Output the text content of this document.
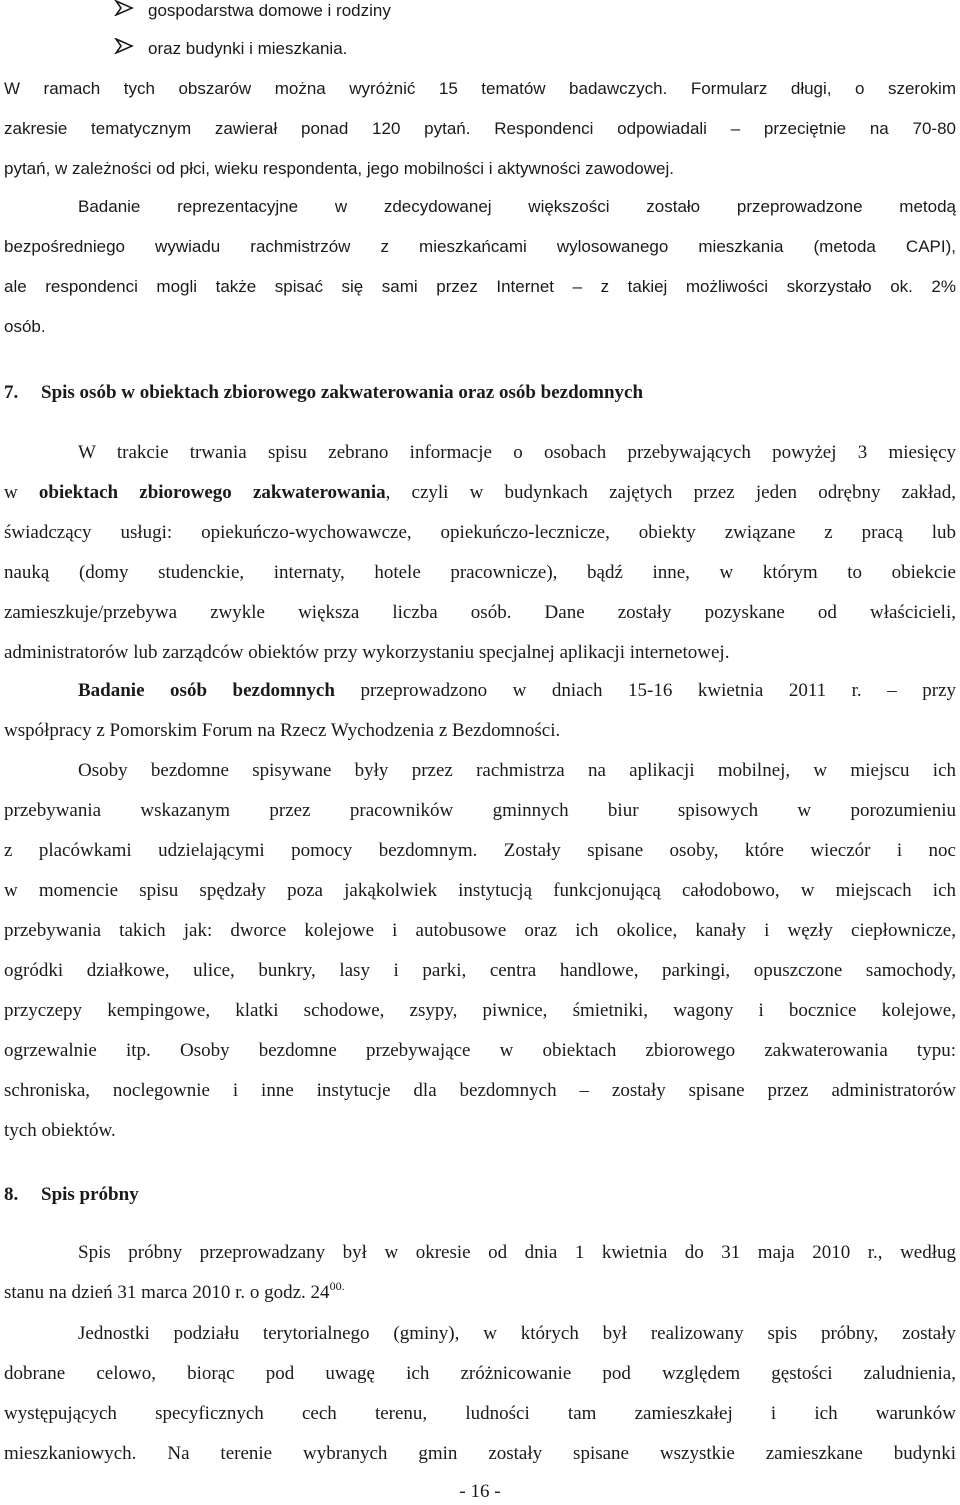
gospodarstwa domowe i rodziny
oraz budynki i mieszkania.
W ramach tych obszarów można wyróżnić 15 tematów badawczych. Formularz długi, o szerokim
zakresie tematycznym zawierał ponad 120 pytań. Respondenci odpowiadali – przeciętnie na 70-80
pytań, w zależności od płci, wieku respondenta, jego mobilności i aktywności zawodowej.
Badanie reprezentacyjne w zdecydowanej większości zostało przeprowadzone metodą
bezpośredniego wywiadu rachmistrzów z mieszkańcami wylosowanego mieszkania (metoda CAPI),
ale respondenci mogli także spisać się sami przez Internet – z takiej możliwości skorzystało ok. 2%
osób.
7. Spis osób w obiektach zbiorowego zakwaterowania oraz osób bezdomnych
W trakcie trwania spisu zebrano informacje o osobach przebywających powyżej 3 miesięcy
w obiektach zbiorowego zakwaterowania, czyli w budynkach zajętych przez jeden odrębny zakład,
świadczący usługi: opiekuńczo-wychowawcze, opiekuńczo-lecznicze, obiekty związane z pracą lub
nauką (domy studenckie, internaty, hotele pracownicze), bądź inne, w którym to obiekcie
zamieszkuje/przebywa zwykle większa liczba osób. Dane zostały pozyskane od właścicieli,
administratorów lub zarządców obiektów przy wykorzystaniu specjalnej aplikacji internetowej.
Badanie osób bezdomnych przeprowadzono w dniach 15-16 kwietnia 2011 r. – przy
współpracy z Pomorskim Forum na Rzecz Wychodzenia z Bezdomności.
Osoby bezdomne spisywane były przez rachmistrza na aplikacji mobilnej, w miejscu ich
przebywania wskazanym przez pracowników gminnych biur spisowych w porozumieniu
z placówkami udzielającymi pomocy bezdomnym. Zostały spisane osoby, które wieczór i noc
w momencie spisu spędzały poza jakąkolwiek instytucją funkcjonującą całodobowo, w miejscach ich
przebywania takich jak: dworce kolejowe i autobusowe oraz ich okolice, kanały i węzły ciepłownicze,
ogródki działkowe, ulice, bunkry, lasy i parki, centra handlowe, parkingi, opuszczone samochody,
przyczepy kempingowe, klatki schodowe, zsypy, piwnice, śmietniki, wagony i bocznice kolejowe,
ogrzewalnie itp. Osoby bezdomne przebywające w obiektach zbiorowego zakwaterowania typu:
schroniska, noclegownie i inne instytucje dla bezdomnych – zostały spisane przez administratorów
tych obiektów.
8. Spis próbny
Spis próbny przeprowadzany był w okresie od dnia 1 kwietnia do 31 maja 2010 r., według
stanu na dzień 31 marca 2010 r. o godz. $24^{00.}$
Jednostki podziału terytorialnego (gminy), w których był realizowany spis próbny, zostały
dobrane celowo, biorąc pod uwagę ich zróżnicowanie pod względem gęstości zaludnienia,
występujących specyficznych cech terenu, ludności tam zamieszkałej i ich warunków
mieszkaniowych. Na terenie wybranych gmin zostały spisane wszystkie zamieszkane budynki
- 16 -
